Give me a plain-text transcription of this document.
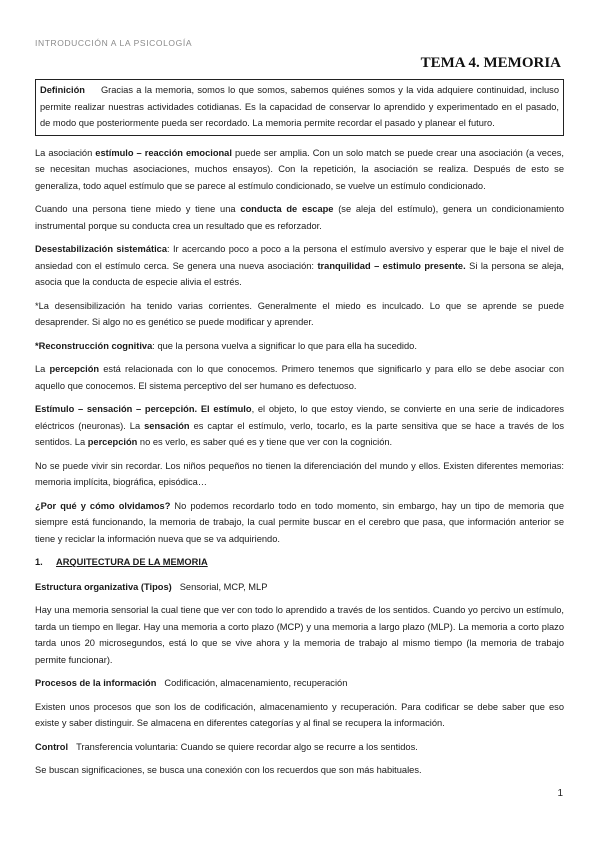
INTRODUCCIÓN A LA PSICOLOGÍA
TEMA 4. MEMORIA
Definición Gracias a la memoria, somos lo que somos, sabemos quiénes somos y la vida adquiere continuidad, incluso permite realizar nuestras actividades cotidianas. Es la capacidad de conservar lo aprendido y experimentado en el pasado, de modo que posteriormente pueda ser recordado. La memoria permite recordar el pasado y planear el futuro.

La asociación estímulo – reacción emocional puede ser amplia. Con un solo match se puede crear una asociación (a veces, se necesitan muchas asociaciones, muchos ensayos). Con la repetición, la asociación se realiza. Después de esto se generaliza, todo aquel estímulo que se parece al estímulo condicionado, se vuelve un estímulo condicionado.

Cuando una persona tiene miedo y tiene una conducta de escape (se aleja del estímulo), genera un condicionamiento instrumental porque su conducta crea un resultado que es reforzador.

Desestabilización sistemática: Ir acercando poco a poco a la persona el estímulo aversivo y esperar que le baje el nivel de ansiedad con el estímulo cerca. Se genera una nueva asociación: tranquilidad – estimulo presente. Si la persona se aleja, asocia que la conducta de especie alivia el estrés.

*La desensibilización ha tenido varias corrientes. Generalmente el miedo es inculcado. Lo que se aprende se puede desaprender. Si algo no es genético se puede modificar y aprender.

*Reconstrucción cognitiva: que la persona vuelva a significar lo que para ella ha sucedido.

La percepción está relacionada con lo que conocemos. Primero tenemos que significarlo y para ello se debe asociar con aquello que conocemos. El sistema perceptivo del ser humano es defectuoso.

Estímulo – sensación – percepción. El estímulo, el objeto, lo que estoy viendo, se convierte en una serie de indicadores eléctricos (neuronas). La sensación es captar el estímulo, verlo, tocarlo, es la parte sensitiva que se hace a través de los sentidos. La percepción no es verlo, es saber qué es y tiene que ver con la cognición.

No se puede vivir sin recordar. Los niños pequeños no tienen la diferenciación del mundo y ellos. Existen diferentes memorias: memoria implícita, biográfica, episódica…

¿Por qué y cómo olvidamos? No podemos recordarlo todo en todo momento, sin embargo, hay un tipo de memoria que siempre está funcionando, la memoria de trabajo, la cual permite buscar en el cerebro que pasa, que información anterior se tiene y reciclar la información nueva que se va adquiriendo.

1. ARQUITECTURA DE LA MEMORIA

Estructura organizativa (Tipos) Sensorial, MCP, MLP

Hay una memoria sensorial la cual tiene que ver con todo lo aprendido a través de los sentidos. Cuando yo percivo un estímulo, tarda un tiempo en llegar. Hay una memoria a corto plazo (MCP) y una memoria a largo plazo (MLP). La memoria a corto plazo tarda unos 20 microsegundos, está lo que se vive ahora y la memoria de trabajo al mismo tiempo (la memoria de trabajo permite funcionar).

Procesos de la información Codificación, almacenamiento, recuperación

Existen unos procesos que son los de codificación, almacenamiento y recuperación. Para codificar se debe saber que eso existe y saber distinguir. Se almacena en diferentes categorías y al final se recupera la información.

Control Transferencia voluntaria: Cuando se quiere recordar algo se recurre a los sentidos.

Se buscan significaciones, se busca una conexión con los recuerdos que son más habituales.

1
